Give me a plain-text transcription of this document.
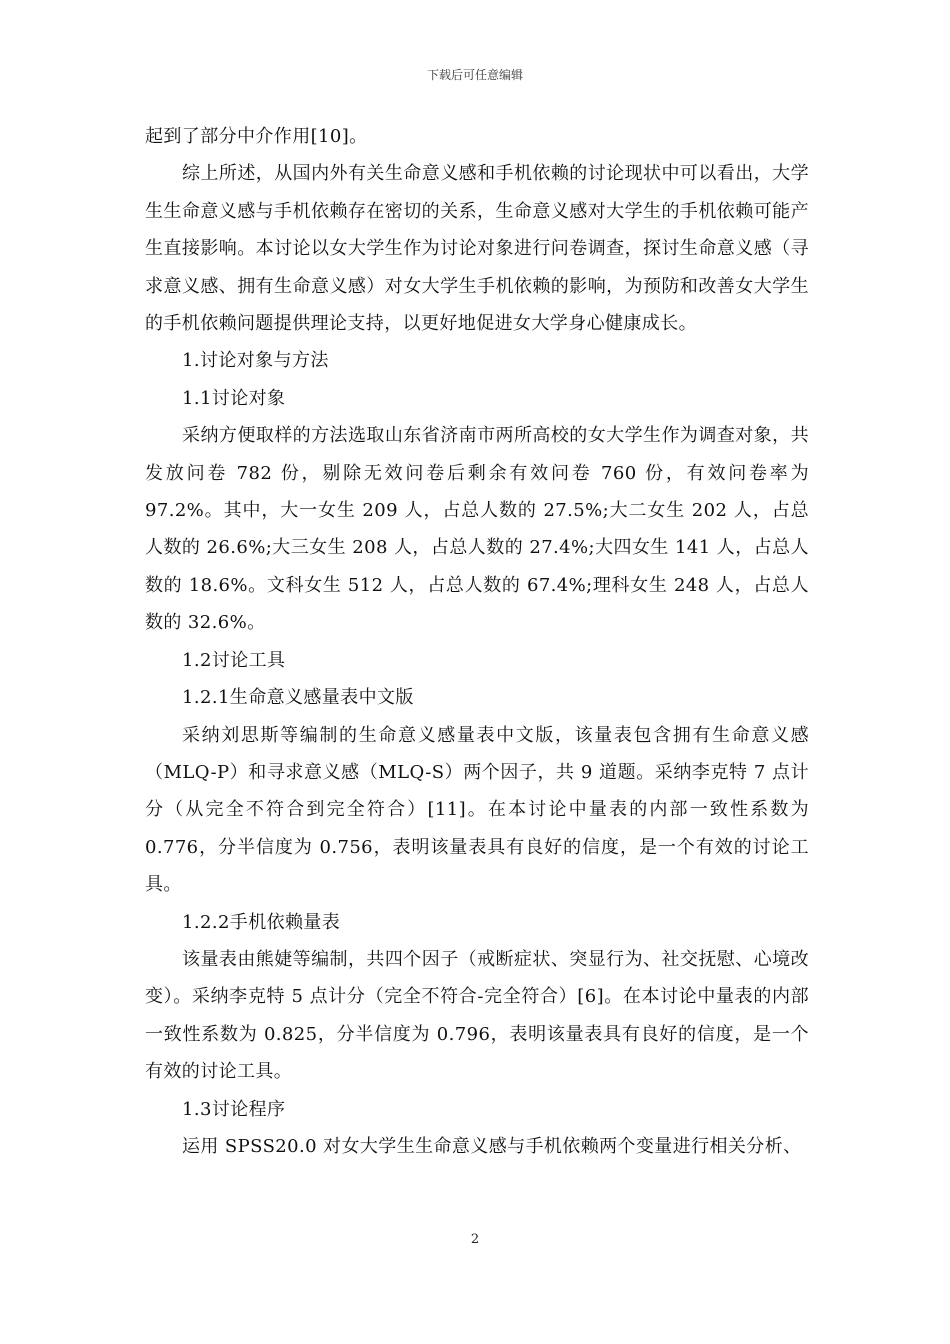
下载后可任意编辑

起到了部分中介作用[10]。

综上所述，从国内外有关生命意义感和手机依赖的讨论现状中可以看出，大学生生命意义感与手机依赖存在密切的关系，生命意义感对大学生的手机依赖可能产生直接影响。本讨论以女大学生作为讨论对象进行问卷调查，探讨生命意义感（寻求意义感、拥有生命意义感）对女大学生手机依赖的影响，为预防和改善女大学生的手机依赖问题提供理论支持，以更好地促进女大学身心健康成长。

1.讨论对象与方法

1.1讨论对象

采纳方便取样的方法选取山东省济南市两所高校的女大学生作为调查对象，共发放问卷 782 份，剔除无效问卷后剩余有效问卷 760 份，有效问卷率为 97.2%。其中，大一女生 209 人，占总人数的 27.5%;大二女生 202 人，占总人数的 26.6%;大三女生 208 人，占总人数的 27.4%;大四女生 141 人，占总人数的 18.6%。文科女生 512 人，占总人数的 67.4%;理科女生 248 人，占总人数的 32.6%。

1.2讨论工具

1.2.1生命意义感量表中文版

采纳刘思斯等编制的生命意义感量表中文版，该量表包含拥有生命意义感（MLQ-P）和寻求意义感（MLQ-S）两个因子，共 9 道题。采纳李克特 7 点计分（从完全不符合到完全符合）[11]。在本讨论中量表的内部一致性系数为 0.776，分半信度为 0.756，表明该量表具有良好的信度，是一个有效的讨论工具。

1.2.2手机依赖量表

该量表由熊婕等编制，共四个因子（戒断症状、突显行为、社交抚慰、心境改变）。采纳李克特 5 点计分（完全不符合-完全符合）[6]。在本讨论中量表的内部一致性系数为 0.825，分半信度为 0.796，表明该量表具有良好的信度，是一个有效的讨论工具。

1.3讨论程序

运用 SPSS20.0 对女大学生生命意义感与手机依赖两个变量进行相关分析、

2
